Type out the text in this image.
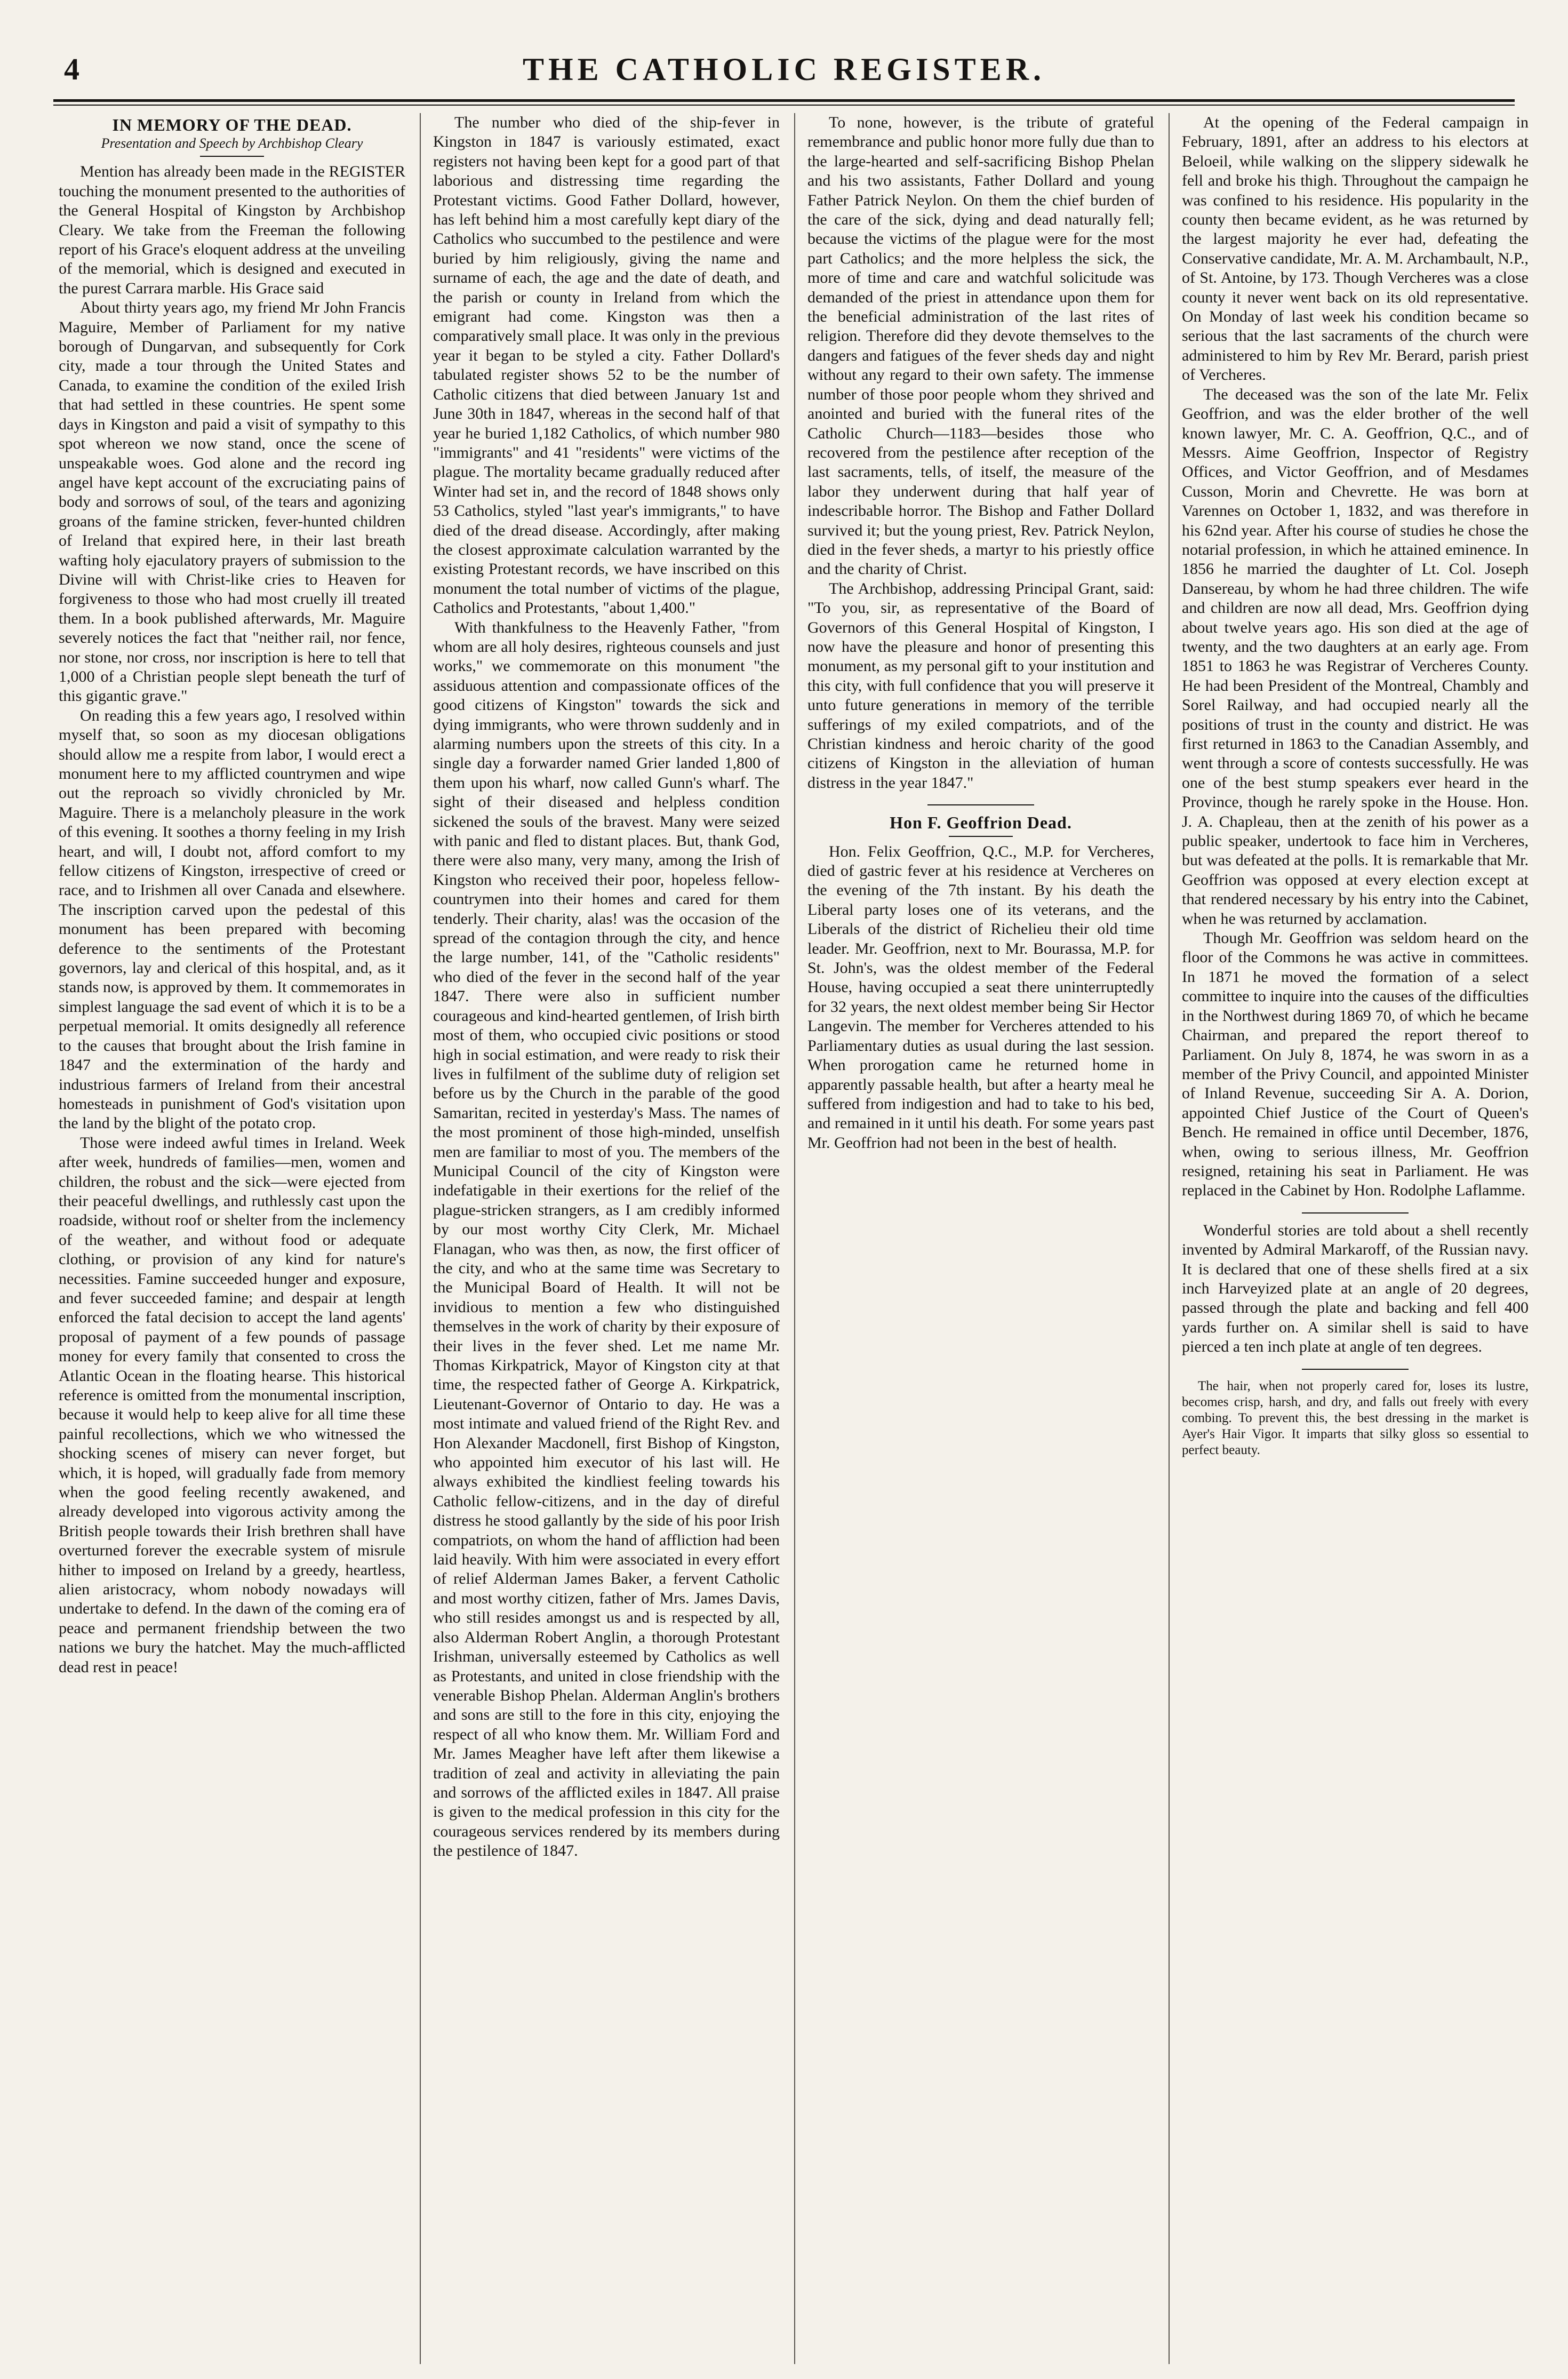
THE CATHOLIC REGISTER.
4
IN MEMORY OF THE DEAD.
Presentation and Speech by Archbishop Cleary

Mention has already been made in the REGISTER touching the monument presented to the authorities of the General Hospital of Kingston by Archbishop Cleary. We take from the Freeman the following report of his Grace's eloquent address at the unveiling of the memorial, which is designed and executed in the purest Carrara marble. His Grace said

About thirty years ago, my friend Mr John Francis Maguire, Member of Parliament for my native borough of Dungarvan, and subsequently for Cork city, made a tour through the United States and Canada, to examine the condition of the exiled Irish that had settled in these countries. He spent some days in Kingston and paid a visit of sympathy to this spot whereon we now stand, once the scene of unspeakable woes. God alone and the record ing angel have kept account of the excruciating pains of body and sorrows of soul, of the tears and agonizing groans of the famine stricken, fever-hunted children of Ireland that expired here, in their last breath wafting holy ejaculatory prayers of submission to the Divine will with Christ-like cries to Heaven for forgiveness to those who had most cruelly ill treated them. In a book published afterwards, Mr. Maguire severely notices the fact that "neither rail, nor fence, nor stone, nor cross, nor inscription is here to tell that 1,000 of a Christian people slept beneath the turf of this gigantic grave."

On reading this a few years ago, I resolved within myself that, so soon as my diocesan obligations should allow me a respite from labor, I would erect a monument here to my afflicted countrymen and wipe out the reproach so vividly chronicled by Mr. Maguire. There is a melancholy pleasure in the work of this evening. It soothes a thorny feeling in my Irish heart, and will, I doubt not, afford comfort to my fellow citizens of Kingston, irrespective of creed or race, and to Irishmen all over Canada and elsewhere. The inscription carved upon the pedestal of this monument has been prepared with becoming deference to the sentiments of the Protestant governors, lay and clerical of this hospital, and, as it stands now, is approved by them. It commemorates in simplest language the sad event of which it is to be a perpetual memorial. It omits designedly all reference to the causes that brought about the Irish famine in 1847 and the extermination of the hardy and industrious farmers of Ireland from their ancestral homesteads in punishment of God's visitation upon the land by the blight of the potato crop.

Those were indeed awful times in Ireland. Week after week, hundreds of families—men, women and children, the robust and the sick—were ejected from their peaceful dwellings, and ruthlessly cast upon the roadside, without roof or shelter from the inclemency of the weather, and without food or adequate clothing, or provision of any kind for nature's necessities. Famine succeeded hunger and exposure, and fever succeeded famine; and despair at length enforced the fatal decision to accept the land agents' proposal of payment of a few pounds of passage money for every family that consented to cross the Atlantic Ocean in the floating hearse. This historical reference is omitted from the monumental inscription, because it would help to keep alive for all time these painful recollections, which we who witnessed the shocking scenes of misery can never forget, but which, it is hoped, will gradually fade from memory when the good feeling recently awakened, and already developed into vigorous activity among the British people towards their Irish brethren shall have overturned forever the execrable system of misrule hither to imposed on Ireland by a greedy, heartless, alien aristocracy, whom nobody nowadays will undertake to defend. In the dawn of the coming era of peace and permanent friendship between the two nations we bury the hatchet. May the much-afflicted dead rest in peace!

The number who died of the ship-fever in Kingston in 1847 is variously estimated, exact registers not having been kept for a good part of that laborious and distressing time regarding the Protestant victims. Good Father Dollard, however, has left behind him a most carefully kept diary of the Catholics who succumbed to the pestilence and were buried by him religiously, giving the name and surname of each, the age and the date of death, and the parish or county in Ireland from which the emigrant had come. Kingston was then a comparatively small place. It was only in the previous year it began to be styled a city. Father Dollard's tabulated register shows 52 to be the number of Catholic citizens that died between January 1st and June 30th in 1847, whereas in the second half of that year he buried 1,182 Catholics, of which number 980 "immigrants" and 41 "residents" were victims of the plague. The mortality became gradually reduced after Winter had set in, and the record of 1848 shows only 53 Catholics, styled "last year's immigrants," to have died of the dread disease. Accordingly, after making the closest approximate calculation warranted by the existing Protestant records, we have inscribed on this monument the total number of victims of the plague, Catholics and Protestants, "about 1,400."

With thankfulness to the Heavenly Father, "from whom are all holy desires, righteous counsels and just works," we commemorate on this monument "the assiduous attention and compassionate offices of the good citizens of Kingston" towards the sick and dying immigrants, who were thrown suddenly and in alarming numbers upon the streets of this city. In a single day a forwarder named Grier landed 1,800 of them upon his wharf, now called Gunn's wharf. The sight of their diseased and helpless condition sickened the souls of the bravest. Many were seized with panic and fled to distant places. But, thank God, there were also many, very many, among the Irish of Kingston who received their poor, hopeless fellow-countrymen into their homes and cared for them tenderly. Their charity, alas! was the occasion of the spread of the contagion through the city, and hence the large number, 141, of the "Catholic residents" who died of the fever in the second half of the year 1847. There were also in sufficient number courageous and kind-hearted gentlemen, of Irish birth most of them, who occupied civic positions or stood high in social estimation, and were ready to risk their lives in fulfilment of the sublime duty of religion set before us by the Church in the parable of the good Samaritan, recited in yesterday's Mass. The names of the most prominent of those high-minded, unselfish men are familiar to most of you. The members of the Municipal Council of the city of Kingston were indefatigable in their exertions for the relief of the plague-stricken strangers, as I am credibly informed by our most worthy City Clerk, Mr. Michael Flanagan, who was then, as now, the first officer of the city, and who at the same time was Secretary to the Municipal Board of Health. It will not be invidious to mention a few who distinguished themselves in the work of charity by their exposure of their lives in the fever shed. Let me name Mr. Thomas Kirkpatrick, Mayor of Kingston city at that time, the respected father of George A. Kirkpatrick, Lieutenant-Governor of Ontario to day. He was a most intimate and valued friend of the Right Rev. and Hon Alexander Macdonell, first Bishop of Kingston, who appointed him executor of his last will. He always exhibited the kindliest feeling towards his Catholic fellow-citizens, and in the day of direful distress he stood gallantly by the side of his poor Irish compatriots, on whom the hand of affliction had been laid heavily. With him were associated in every effort of relief Alderman James Baker, a fervent Catholic and most worthy citizen, father of Mrs. James Davis, who still resides amongst us and is respected by all, also Alderman Robert Anglin, a thorough Protestant Irishman, universally esteemed by Catholics as well as Protestants, and united in close friendship with the venerable Bishop Phelan. Alderman Anglin's brothers and sons are still to the fore in this city, enjoying the respect of all who know them. Mr. William Ford and Mr. James Meagher have left after them likewise a tradition of zeal and activity in alleviating the pain and sorrows of the afflicted exiles in 1847. All praise is given to the medical profession in this city for the courageous services rendered by its members during the pestilence of 1847.

To none, however, is the tribute of grateful remembrance and public honor more fully due than to the large-hearted and self-sacrificing Bishop Phelan and his two assistants, Father Dollard and young Father Patrick Neylon. On them the chief burden of the care of the sick, dying and dead naturally fell; because the victims of the plague were for the most part Catholics; and the more helpless the sick, the more of time and care and watchful solicitude was demanded of the priest in attendance upon them for the beneficial administration of the last rites of religion. Therefore did they devote themselves to the dangers and fatigues of the fever sheds day and night without any regard to their own safety. The immense number of those poor people whom they shrived and anointed and buried with the funeral rites of the Catholic Church—1183—besides those who recovered from the pestilence after reception of the last sacraments, tells, of itself, the measure of the labor they underwent during that half year of indescribable horror. The Bishop and Father Dollard survived it; but the young priest, Rev. Patrick Neylon, died in the fever sheds, a martyr to his priestly office and the charity of Christ.

The Archbishop, addressing Principal Grant, said: "To you, sir, as representative of the Board of Governors of this General Hospital of Kingston, I now have the pleasure and honor of presenting this monument, as my personal gift to your institution and this city, with full confidence that you will preserve it unto future generations in memory of the terrible sufferings of my exiled compatriots, and of the Christian kindness and heroic charity of the good citizens of Kingston in the alleviation of human distress in the year 1847."

Hon F. Geoffrion Dead.

Hon. Felix Geoffrion, Q.C., M.P. for Vercheres, died of gastric fever at his residence at Vercheres on the evening of the 7th instant. By his death the Liberal party loses one of its veterans, and the Liberals of the district of Richelieu their old time leader. Mr. Geoffrion, next to Mr. Bourassa, M.P. for St. John's, was the oldest member of the Federal House, having occupied a seat there uninterruptedly for 32 years, the next oldest member being Sir Hector Langevin. The member for Vercheres attended to his Parliamentary duties as usual during the last session. When prorogation came he returned home in apparently passable health, but after a hearty meal he suffered from indigestion and had to take to his bed, and remained in it until his death. For some years past Mr. Geoffrion had not been in the best of health.

At the opening of the Federal campaign in February, 1891, after an address to his electors at Beloeil, while walking on the slippery sidewalk he fell and broke his thigh. Throughout the campaign he was confined to his residence. His popularity in the county then became evident, as he was returned by the largest majority he ever had, defeating the Conservative candidate, Mr. A. M. Archambault, N.P., of St. Antoine, by 173. Though Vercheres was a close county it never went back on its old representative. On Monday of last week his condition became so serious that the last sacraments of the church were administered to him by Rev Mr. Berard, parish priest of Vercheres.

The deceased was the son of the late Mr. Felix Geoffrion, and was the elder brother of the well known lawyer, Mr. C. A. Geoffrion, Q.C., and of Messrs. Aime Geoffrion, Inspector of Registry Offices, and Victor Geoffrion, and of Mesdames Cusson, Morin and Chevrette. He was born at Varennes on October 1, 1832, and was therefore in his 62nd year. After his course of studies he chose the notarial profession, in which he attained eminence. In 1856 he married the daughter of Lt. Col. Joseph Dansereau, by whom he had three children. The wife and children are now all dead, Mrs. Geoffrion dying about twelve years ago. His son died at the age of twenty, and the two daughters at an early age. From 1851 to 1863 he was Registrar of Vercheres County. He had been President of the Montreal, Chambly and Sorel Railway, and had occupied nearly all the positions of trust in the county and district. He was first returned in 1863 to the Canadian Assembly, and went through a score of contests successfully. He was one of the best stump speakers ever heard in the Province, though he rarely spoke in the House. Hon. J. A. Chapleau, then at the zenith of his power as a public speaker, undertook to face him in Vercheres, but was defeated at the polls. It is remarkable that Mr. Geoffrion was opposed at every election except at that rendered necessary by his entry into the Cabinet, when he was returned by acclamation.

Though Mr. Geoffrion was seldom heard on the floor of the Commons he was active in committees. In 1871 he moved the formation of a select committee to inquire into the causes of the difficulties in the Northwest during 1869 70, of which he became Chairman, and prepared the report thereof to Parliament. On July 8, 1874, he was sworn in as a member of the Privy Council, and appointed Minister of Inland Revenue, succeeding Sir A. A. Dorion, appointed Chief Justice of the Court of Queen's Bench. He remained in office until December, 1876, when, owing to serious illness, Mr. Geoffrion resigned, retaining his seat in Parliament. He was replaced in the Cabinet by Hon. Rodolphe Laflamme.

Wonderful stories are told about a shell recently invented by Admiral Markaroff, of the Russian navy. It is declared that one of these shells fired at a six inch Harveyized plate at an angle of 20 degrees, passed through the plate and backing and fell 400 yards further on. A similar shell is said to have pierced a ten inch plate at angle of ten degrees.

The hair, when not properly cared for, loses its lustre, becomes crisp, harsh, and dry, and falls out freely with every combing. To prevent this, the best dressing in the market is Ayer's Hair Vigor. It imparts that silky gloss so essential to perfect beauty.
